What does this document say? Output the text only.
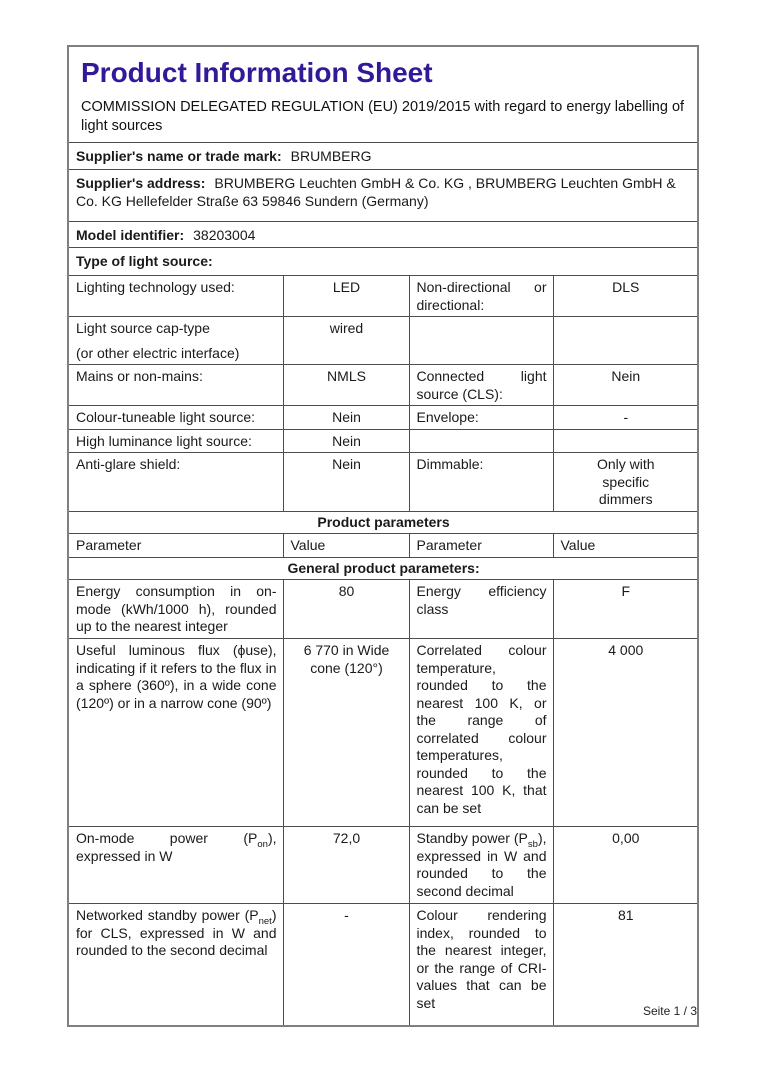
Product Information Sheet
COMMISSION DELEGATED REGULATION (EU) 2019/2015 with regard to energy labelling of light sources			

Supplier's name or trade mark: BRUMBERG			
Supplier's address: BRUMBERG Leuchten GmbH & Co. KG , BRUMBERG Leuchten GmbH & Co. KG Hellefelder Straße 63 59846 Sundern (Germany)			
Model identifier: 38203004			
Type of light source:			
Lighting technology used:	LED	Non-directional or directional:	DLS

Light source cap-type
(or other electric interface)	wired		
Mains or non-mains:	NMLS	Connected light source (CLS):	Nein
Colour-tuneable light source:	Nein	Envelope:	-
High luminance light source:	Nein		
Anti-glare shield:	Nein	Dimmable:	Only with specific dimmers

Product parameters			
Parameter	Value	Parameter	Value
General product parameters:			
Energy consumption in on-mode (kWh/1000 h), rounded up to the nearest integer	80	Energy efficiency class	F
Useful luminous flux (ϕuse), indicating if it refers to the flux in a sphere (360º), in a wide cone (120º) or in a narrow cone (90º)	6 770 in Wide cone (120°)	Correlated colour temperature, rounded to the nearest 100 K, or the range of correlated colour temperatures, rounded to the nearest 100 K, that can be set	4 000
On-mode power $(P_{on})$, expressed in W	72,0	Standby power $(P_{sb})$, expressed in W and rounded to the second decimal	0,00
Networked standby power $(P_{net})$ for CLS, expressed in W and rounded to the second decimal	-	Colour rendering index, rounded to the nearest integer, or the range of CRI-values that can be set	81
Seite 1 / 3
